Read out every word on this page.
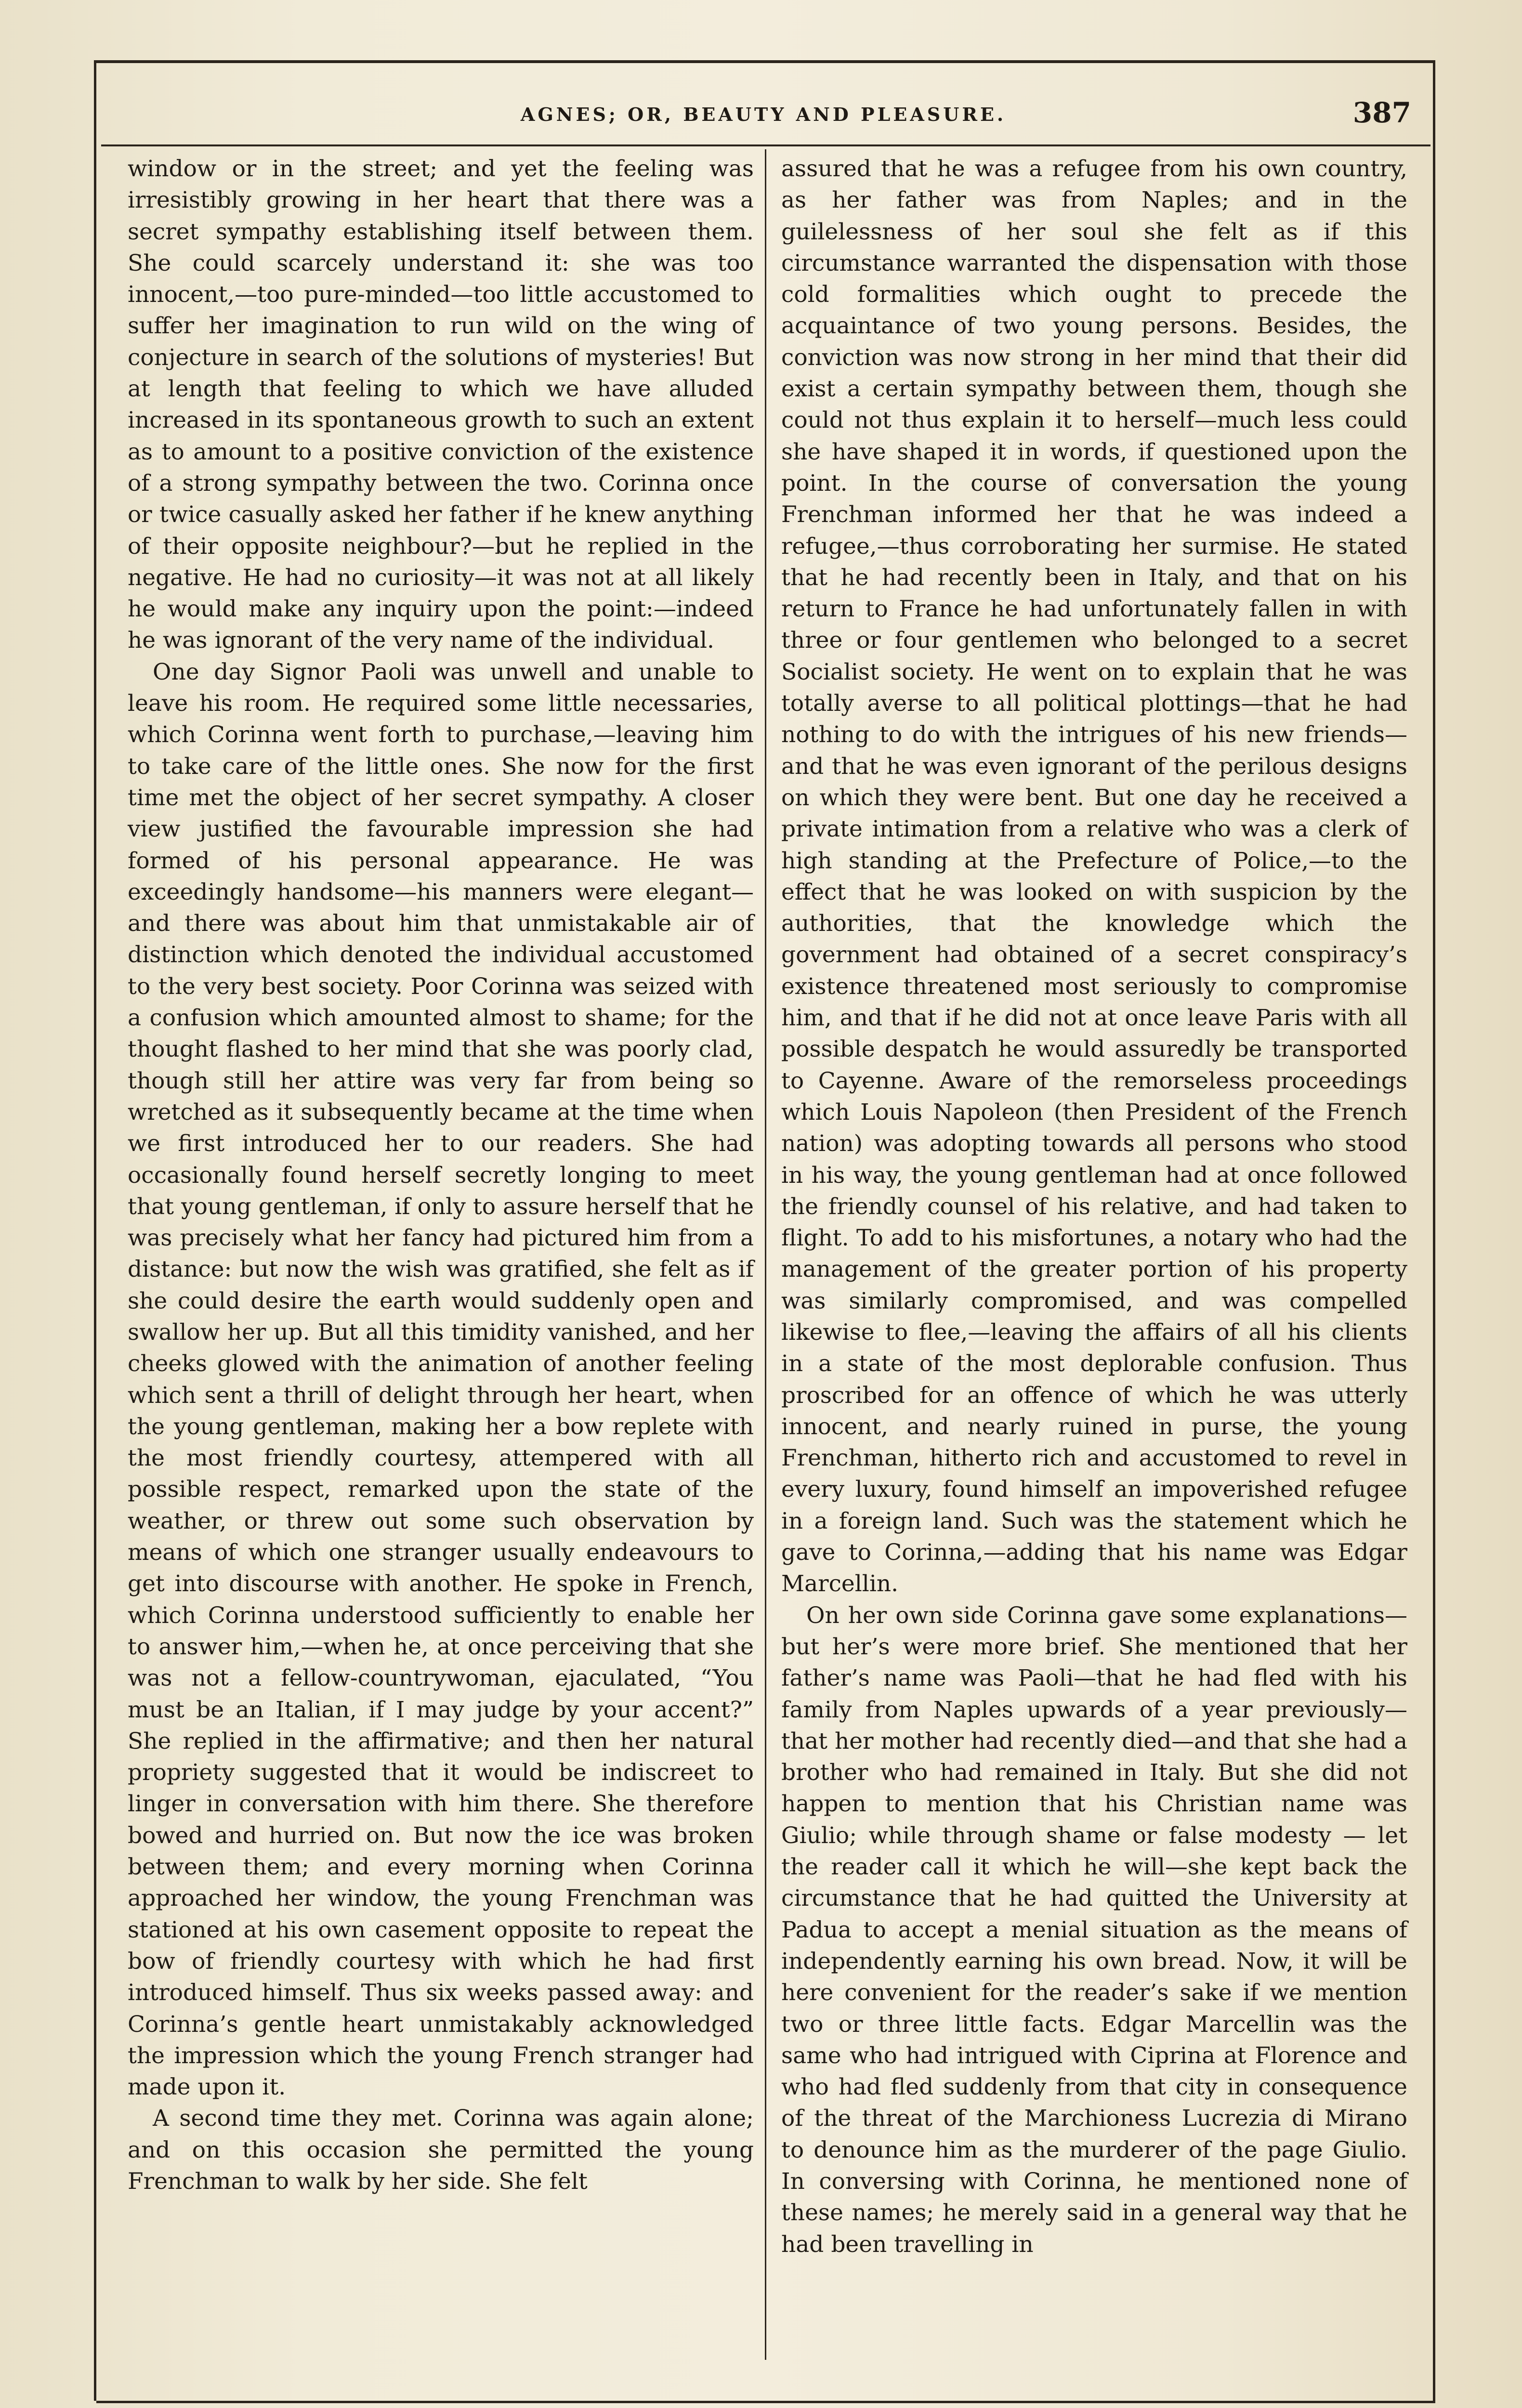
AGNES; OR, BEAUTY AND PLEASURE.	387

window or in the street; and yet the feeling was irresistibly growing in her heart that there was a secret sympathy establishing itself between them. She could scarcely understand it: she was too innocent,—too pure-minded—too little accustomed to suffer her imagination to run wild on the wing of conjecture in search of the solutions of mysteries! But at length that feeling to which we have alluded increased in its spontaneous growth to such an extent as to amount to a positive conviction of the existence of a strong sympathy between the two. Corinna once or twice casually asked her father if he knew anything of their opposite neighbour?—but he replied in the negative. He had no curiosity—it was not at all likely he would make any inquiry upon the point:—indeed he was ignorant of the very name of the individual.

One day Signor Paoli was unwell and unable to leave his room. He required some little necessaries, which Corinna went forth to purchase,—leaving him to take care of the little ones. She now for the first time met the object of her secret sympathy. A closer view justified the favourable impression she had formed of his personal appearance. He was exceedingly handsome—his manners were elegant—and there was about him that unmistakable air of distinction which denoted the individual accustomed to the very best society. Poor Corinna was seized with a confusion which amounted almost to shame; for the thought flashed to her mind that she was poorly clad, though still her attire was very far from being so wretched as it subsequently became at the time when we first introduced her to our readers. She had occasionally found herself secretly longing to meet that young gentleman, if only to assure herself that he was precisely what her fancy had pictured him from a distance: but now the wish was gratified, she felt as if she could desire the earth would suddenly open and swallow her up. But all this timidity vanished, and her cheeks glowed with the animation of another feeling which sent a thrill of delight through her heart, when the young gentleman, making her a bow replete with the most friendly courtesy, attempered with all possible respect, remarked upon the state of the weather, or threw out some such observation by means of which one stranger usually endeavours to get into discourse with another. He spoke in French, which Corinna understood sufficiently to enable her to answer him,—when he, at once perceiving that she was not a fellow-countrywoman, ejaculated, “You must be an Italian, if I may judge by your accent?” She replied in the affirmative; and then her natural propriety suggested that it would be indiscreet to linger in conversation with him there. She therefore bowed and hurried on. But now the ice was broken between them; and every morning when Corinna approached her window, the young Frenchman was stationed at his own casement opposite to repeat the bow of friendly courtesy with which he had first introduced himself. Thus six weeks passed away: and Corinna’s gentle heart unmistakably acknowledged the impression which the young French stranger had made upon it.

A second time they met. Corinna was again alone; and on this occasion she permitted the young Frenchman to walk by her side. She felt

assured that he was a refugee from his own country, as her father was from Naples; and in the guilelessness of her soul she felt as if this circumstance warranted the dispensation with those cold formalities which ought to precede the acquaintance of two young persons. Besides, the conviction was now strong in her mind that their did exist a certain sympathy between them, though she could not thus explain it to herself—much less could she have shaped it in words, if questioned upon the point. In the course of conversation the young Frenchman informed her that he was indeed a refugee,—thus corroborating her surmise. He stated that he had recently been in Italy, and that on his return to France he had unfortunately fallen in with three or four gentlemen who belonged to a secret Socialist society. He went on to explain that he was totally averse to all political plottings—that he had nothing to do with the intrigues of his new friends—and that he was even ignorant of the perilous designs on which they were bent. But one day he received a private intimation from a relative who was a clerk of high standing at the Prefecture of Police,—to the effect that he was looked on with suspicion by the authorities, that the knowledge which the government had obtained of a secret conspiracy’s existence threatened most seriously to compromise him, and that if he did not at once leave Paris with all possible despatch he would assuredly be transported to Cayenne. Aware of the remorseless proceedings which Louis Napoleon (then President of the French nation) was adopting towards all persons who stood in his way, the young gentleman had at once followed the friendly counsel of his relative, and had taken to flight. To add to his misfortunes, a notary who had the management of the greater portion of his property was similarly compromised, and was compelled likewise to flee,—leaving the affairs of all his clients in a state of the most deplorable confusion. Thus proscribed for an offence of which he was utterly innocent, and nearly ruined in purse, the young Frenchman, hitherto rich and accustomed to revel in every luxury, found himself an impoverished refugee in a foreign land. Such was the statement which he gave to Corinna,—adding that his name was Edgar Marcellin.

On her own side Corinna gave some explanations—but her’s were more brief. She mentioned that her father’s name was Paoli—that he had fled with his family from Naples upwards of a year previously—that her mother had recently died—and that she had a brother who had remained in Italy. But she did not happen to mention that his Christian name was Giulio; while through shame or false modesty — let the reader call it which he will—she kept back the circumstance that he had quitted the University at Padua to accept a menial situation as the means of independently earning his own bread. Now, it will be here convenient for the reader’s sake if we mention two or three little facts. Edgar Marcellin was the same who had intrigued with Ciprina at Florence and who had fled suddenly from that city in consequence of the threat of the Marchioness Lucrezia di Mirano to denounce him as the murderer of the page Giulio. In conversing with Corinna, he mentioned none of these names; he merely said in a general way that he had been travelling in
